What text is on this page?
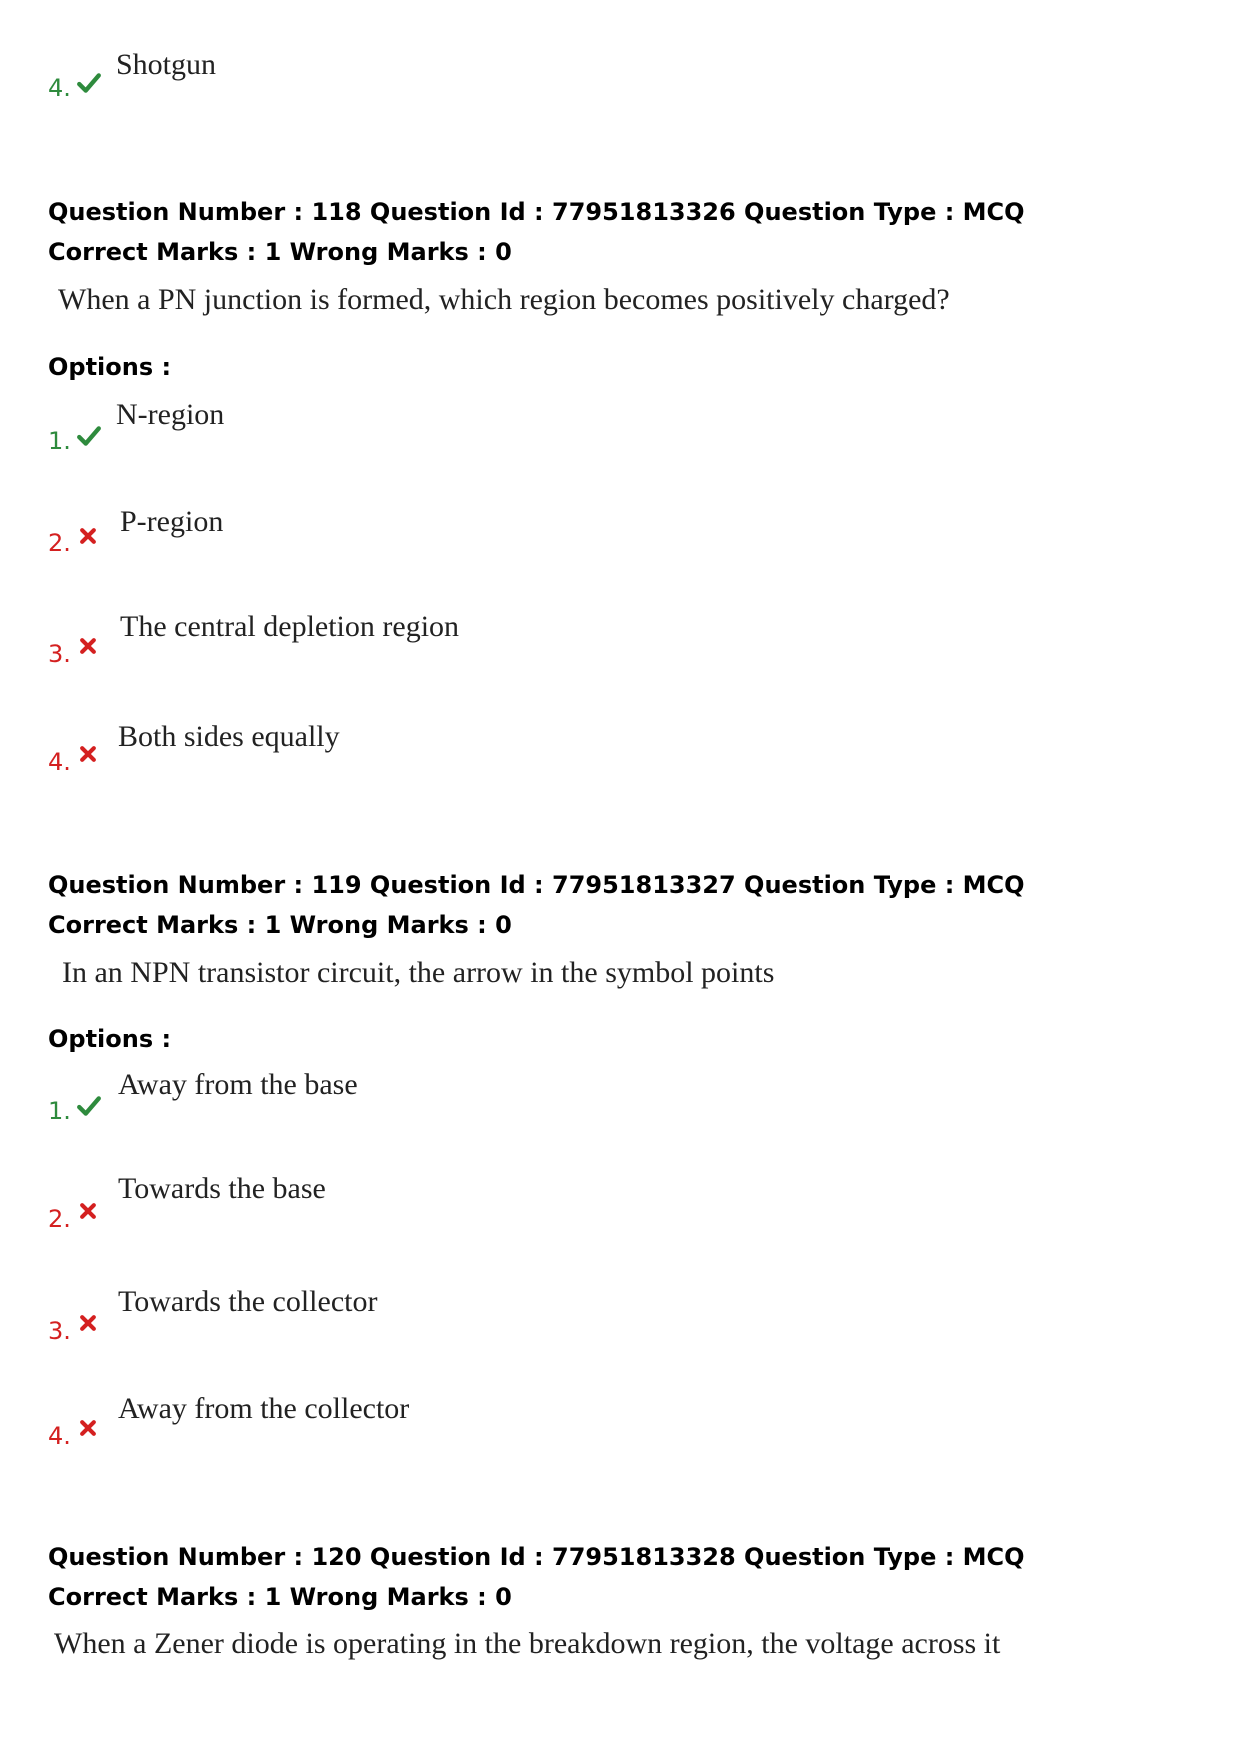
4.
Shotgun
Question Number : 118 Question Id : 77951813326 Question Type : MCQ
Correct Marks : 1 Wrong Marks : 0
When a PN junction is formed, which region becomes positively charged?
Options :
1.
N-region
2.
P-region
3.
The central depletion region
4.
Both sides equally
Question Number : 119 Question Id : 77951813327 Question Type : MCQ
Correct Marks : 1 Wrong Marks : 0
In an NPN transistor circuit, the arrow in the symbol points
Options :
1.
Away from the base
2.
Towards the base
3.
Towards the collector
4.
Away from the collector
Question Number : 120 Question Id : 77951813328 Question Type : MCQ
Correct Marks : 1 Wrong Marks : 0
When a Zener diode is operating in the breakdown region, the voltage across it
